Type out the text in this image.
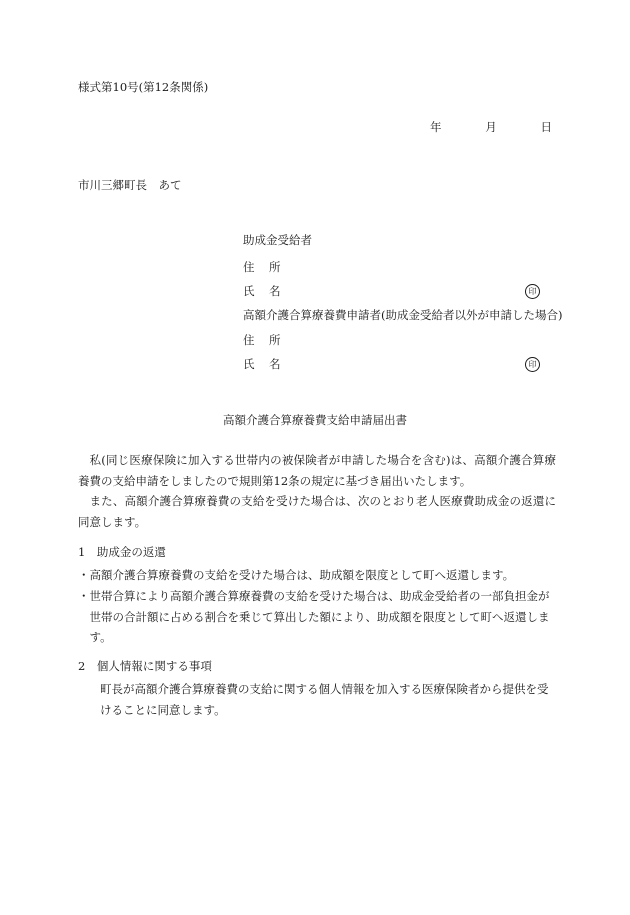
様式第10号(第12条関係)
年	月	日
市川三郷町長　あて
助成金受給者
住	所
氏	名	印
高額介護合算療養費申請者(助成金受給者以外が申請した場合)
住	所
氏	名	印
高額介護合算療養費支給申請届出書
私(同じ医療保険に加入する世帯内の被保険者が申請した場合を含む)は、高額介護合算療養費の支給申請をしましたので規則第12条の規定に基づき届出いたします。
また、高額介護合算療養費の支給を受けた場合は、次のとおり老人医療費助成金の返還に同意します。
1　助成金の返還
・ 高額介護合算療養費の支給を受けた場合は、助成額を限度として町へ返還します。
・ 世帯合算により高額介護合算療養費の支給を受けた場合は、助成金受給者の一部負担金が世帯の合計額に占める割合を乗じて算出した額により、助成額を限度として町へ返還します。
2　個人情報に関する事項
町長が高額介護合算療養費の支給に関する個人情報を加入する医療保険者から提供を受けることに同意します。
